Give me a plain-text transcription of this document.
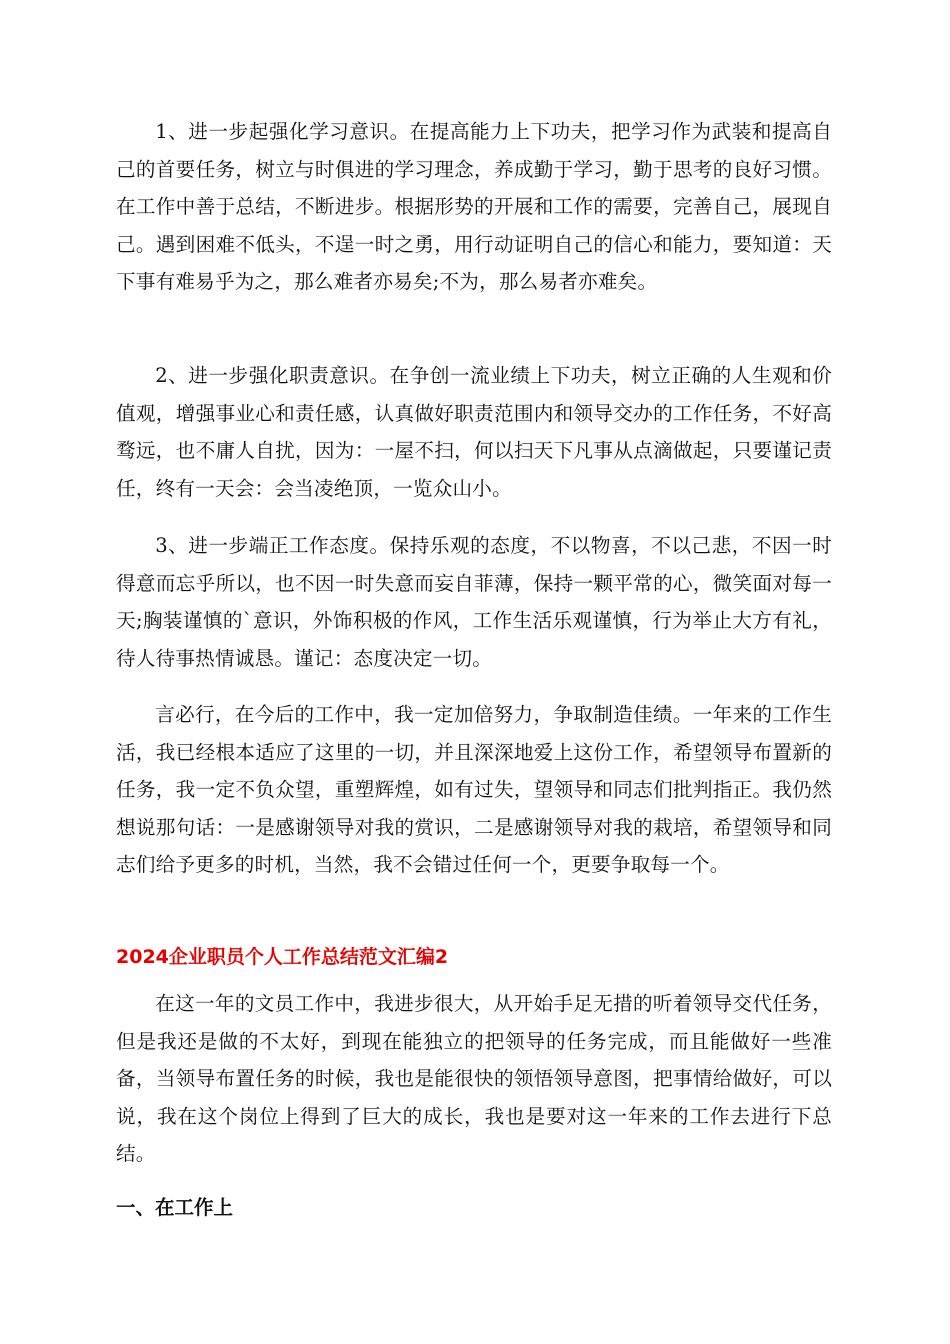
1、进一步起强化学习意识。在提高能力上下功夫，把学习作为武装和提高自己的首要任务，树立与时俱进的学习理念，养成勤于学习，勤于思考的良好习惯。在工作中善于总结，不断进步。根据形势的开展和工作的需要，完善自己，展现自己。遇到困难不低头，不逞一时之勇，用行动证明自己的信心和能力，要知道：天下事有难易乎为之，那么难者亦易矣;不为，那么易者亦难矣。

2、进一步强化职责意识。在争创一流业绩上下功夫，树立正确的人生观和价值观，增强事业心和责任感，认真做好职责范围内和领导交办的工作任务，不好高骛远，也不庸人自扰，因为：一屋不扫，何以扫天下凡事从点滴做起，只要谨记责任，终有一天会：会当凌绝顶，一览众山小。

3、进一步端正工作态度。保持乐观的态度，不以物喜，不以己悲，不因一时得意而忘乎所以，也不因一时失意而妄自菲薄，保持一颗平常的心，微笑面对每一天;胸装谨慎的`意识，外饰积极的作风，工作生活乐观谨慎，行为举止大方有礼，待人待事热情诚恳。谨记：态度决定一切。

言必行，在今后的工作中，我一定加倍努力，争取制造佳绩。一年来的工作生活，我已经根本适应了这里的一切，并且深深地爱上这份工作，希望领导布置新的任务，我一定不负众望，重塑辉煌，如有过失，望领导和同志们批判指正。我仍然想说那句话：一是感谢领导对我的赏识，二是感谢领导对我的栽培，希望领导和同志们给予更多的时机，当然，我不会错过任何一个，更要争取每一个。

2024企业职员个人工作总结范文汇编2

在这一年的文员工作中，我进步很大，从开始手足无措的听着领导交代任务，但是我还是做的不太好，到现在能独立的把领导的任务完成，而且能做好一些准备，当领导布置任务的时候，我也是能很快的领悟领导意图，把事情给做好，可以说，我在这个岗位上得到了巨大的成长，我也是要对这一年来的工作去进行下总结。

一、在工作上
